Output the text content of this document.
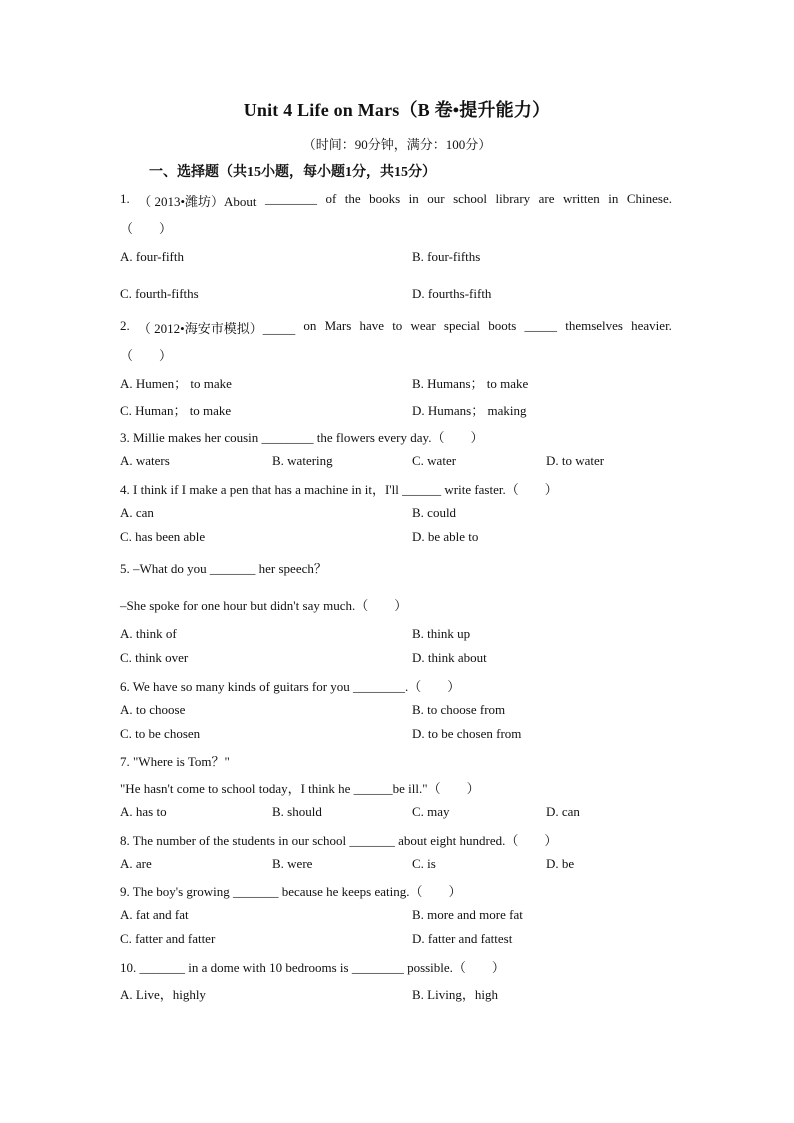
Unit 4 Life on Mars（B 卷•提升能力）
（时间：90分钟，满分：100分）
一、选择题（共15小题，每小题1分，共15分）
1. （ 2013•潍坊）About ________ of the books in our school library are written in Chinese.
（　　）
A. four-fifth	B. four-fifths
C. fourth-fifths	D. fourths-fifth
2. （ 2012•海安市模拟）_____ on Mars have to wear special boots _____ themselves heavier.
（　　）
A. Humen； to make	B. Humans； to make
C. Human； to make	D. Humans； making
3. Millie makes her cousin ________ the flowers every day.（　　）
A. waters	B. watering	C. water	D. to water
4. I think if I make a pen that has a machine in it，I'll ______ write faster.（　　）
A. can	B. could
C. has been able	D. be able to
5. –What do you _______ her speech？
–She spoke for one hour but didn't say much.（　　）
A. think of	B. think up
C. think over	D. think about
6. We have so many kinds of guitars for you ________.（　　）
A. to choose	B. to choose from
C. to be chosen	D. to be chosen from
7. "Where is Tom？"
"He hasn't come to school today，I think he ______be ill."（　　）
A. has to	B. should	C. may	D. can
8. The number of the students in our school _______ about eight hundred.（　　）
A. are	B. were	C. is	D. be
9. The boy's growing _______ because he keeps eating.（　　）
A. fat and fat	B. more and more fat
C. fatter and fatter	D. fatter and fattest
10. _______ in a dome with 10 bedrooms is ________ possible.（　　）
A. Live，highly	B. Living，high
